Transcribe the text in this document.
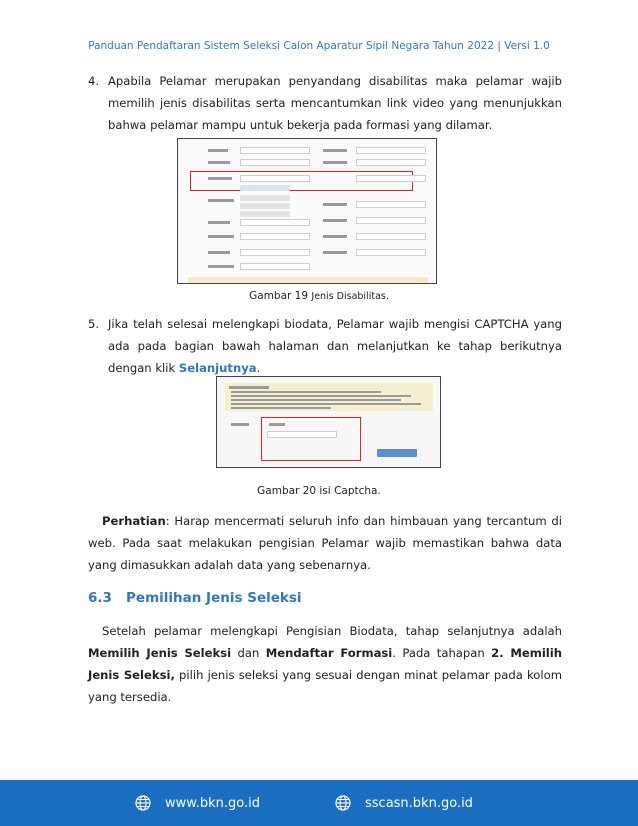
Panduan Pendaftaran Sistem Seleksi Calon Aparatur Sipil Negara Tahun 2022 | Versi 1.0
4. Apabila Pelamar merupakan penyandang disabilitas maka pelamar wajib memilih jenis disabilitas serta mencantumkan link video yang menunjukkan bahwa pelamar mampu untuk bekerja pada formasi yang dilamar.
Gambar 19 Jenis Disabilitas.
5. Jika telah selesai melengkapi biodata, Pelamar wajib mengisi CAPTCHA yang ada pada bagian bawah halaman dan melanjutkan ke tahap berikutnya dengan klik Selanjutnya.
Gambar 20 isi Captcha.
Perhatian: Harap mencermati seluruh info dan himbauan yang tercantum di web. Pada saat melakukan pengisian Pelamar wajib memastikan bahwa data yang dimasukkan adalah data yang sebenarnya.
6.3 Pemilihan Jenis Seleksi
Setelah pelamar melengkapi Pengisian Biodata, tahap selanjutnya adalah Memilih Jenis Seleksi dan Mendaftar Formasi. Pada tahapan 2. Memilih Jenis Seleksi, pilih jenis seleksi yang sesuai dengan minat pelamar pada kolom yang tersedia.
www.bkn.go.id	sscasn.bkn.go.id
